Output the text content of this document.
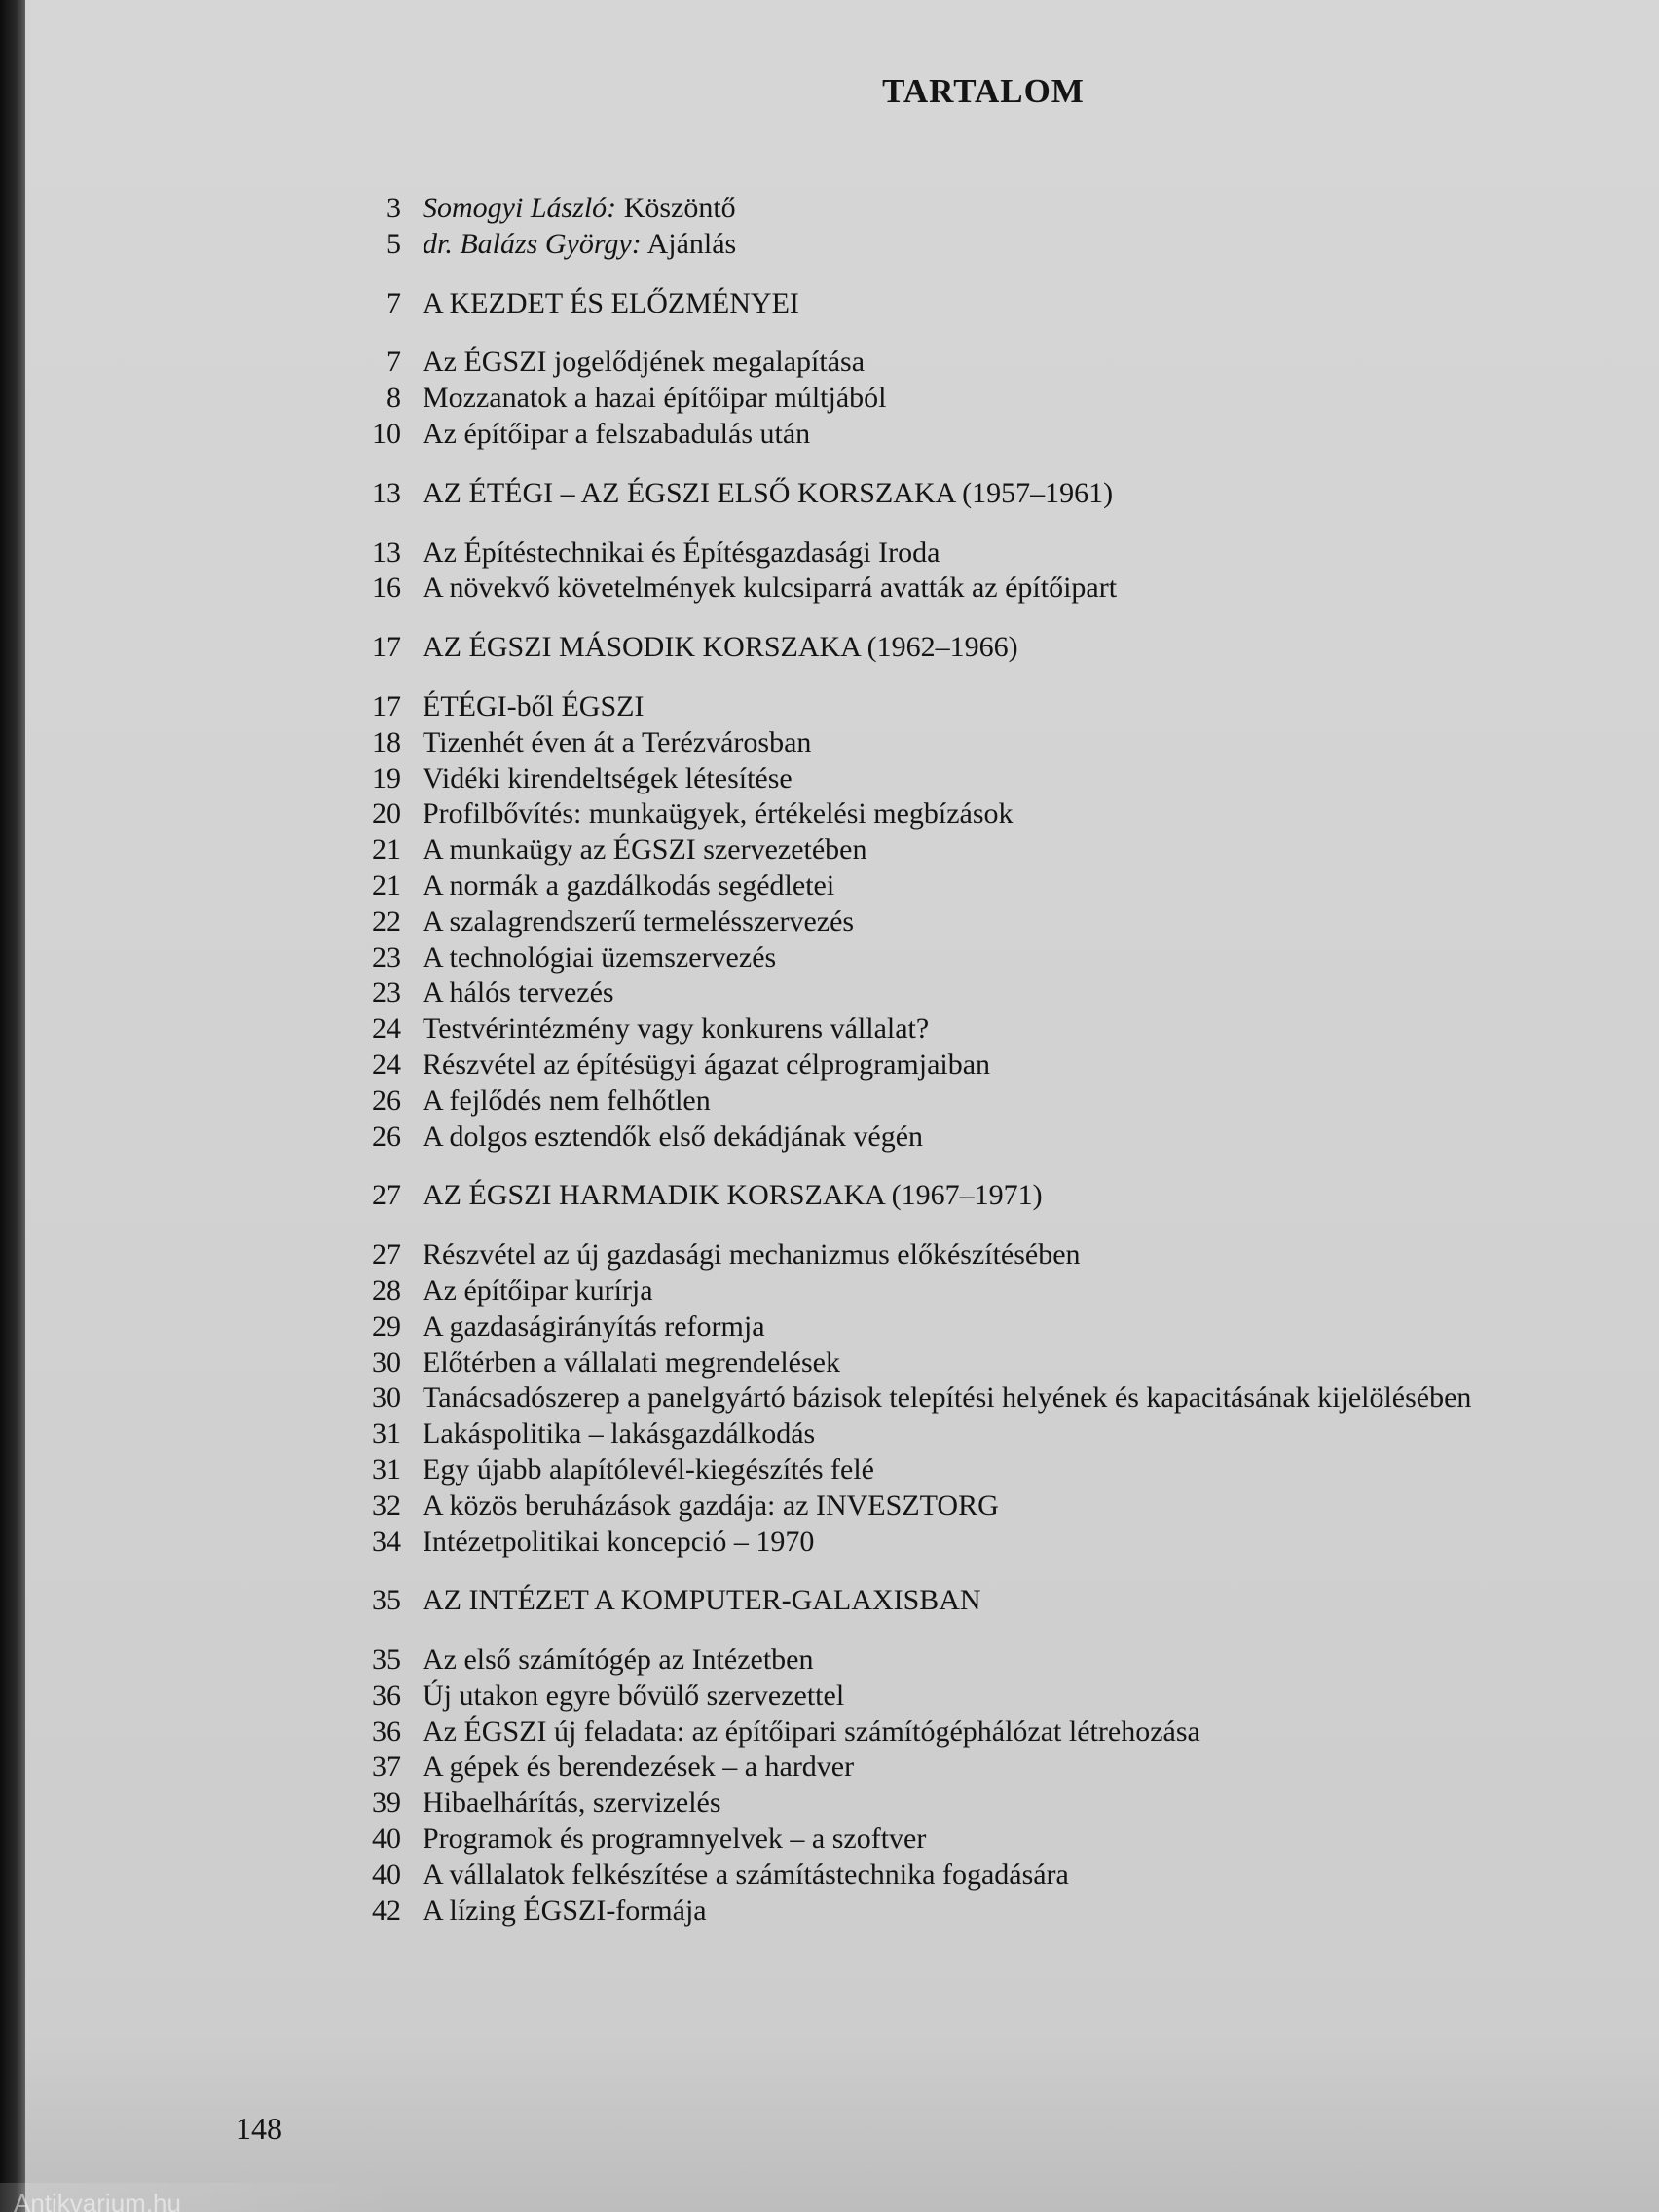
TARTALOM
3 Somogyi László: Köszöntő
5 dr. Balázs György: Ajánlás
7 A KEZDET ÉS ELŐZMÉNYEI
7 Az ÉGSZI jogelődjének megalapítása
8 Mozzanatok a hazai építőipar múltjából
10 Az építőipar a felszabadulás után
13 AZ ÉTÉGI – AZ ÉGSZI ELSŐ KORSZAKA (1957–1961)
13 Az Építéstechnikai és Építésgazdasági Iroda
16 A növekvő követelmények kulcsiparrá avatták az építőipart
17 AZ ÉGSZI MÁSODIK KORSZAKA (1962–1966)
17 ÉTÉGI-ből ÉGSZI
18 Tizenhét éven át a Terézvárosban
19 Vidéki kirendeltségek létesítése
20 Profilbővítés: munkaügyek, értékelési megbízások
21 A munkaügy az ÉGSZI szervezetében
21 A normák a gazdálkodás segédletei
22 A szalagrendszerű termelésszervezés
23 A technológiai üzemszervezés
23 A hálós tervezés
24 Testvérintézmény vagy konkurens vállalat?
24 Részvétel az építésügyi ágazat célprogramjaiban
26 A fejlődés nem felhőtlen
26 A dolgos esztendők első dekádjának végén
27 AZ ÉGSZI HARMADIK KORSZAKA (1967–1971)
27 Részvétel az új gazdasági mechanizmus előkészítésében
28 Az építőipar kurírja
29 A gazdaságirányítás reformja
30 Előtérben a vállalati megrendelések
30 Tanácsadószerep a panelgyártó bázisok telepítési helyének és kapacitásának kijelölésében
31 Lakáspolitika – lakásgazdálkodás
31 Egy újabb alapítólevél-kiegészítés felé
32 A közös beruházások gazdája: az INVESZTORG
34 Intézetpolitikai koncepció – 1970
35 AZ INTÉZET A KOMPUTER-GALAXISBAN
35 Az első számítógép az Intézetben
36 Új utakon egyre bővülő szervezettel
36 Az ÉGSZI új feladata: az építőipari számítógéphálózat létrehozása
37 A gépek és berendezések – a hardver
39 Hibaelhárítás, szervizelés
40 Programok és programnyelvek – a szoftver
40 A vállalatok felkészítése a számítástechnika fogadására
42 A lízing ÉGSZI-formája
148
Antikvarium.hu
